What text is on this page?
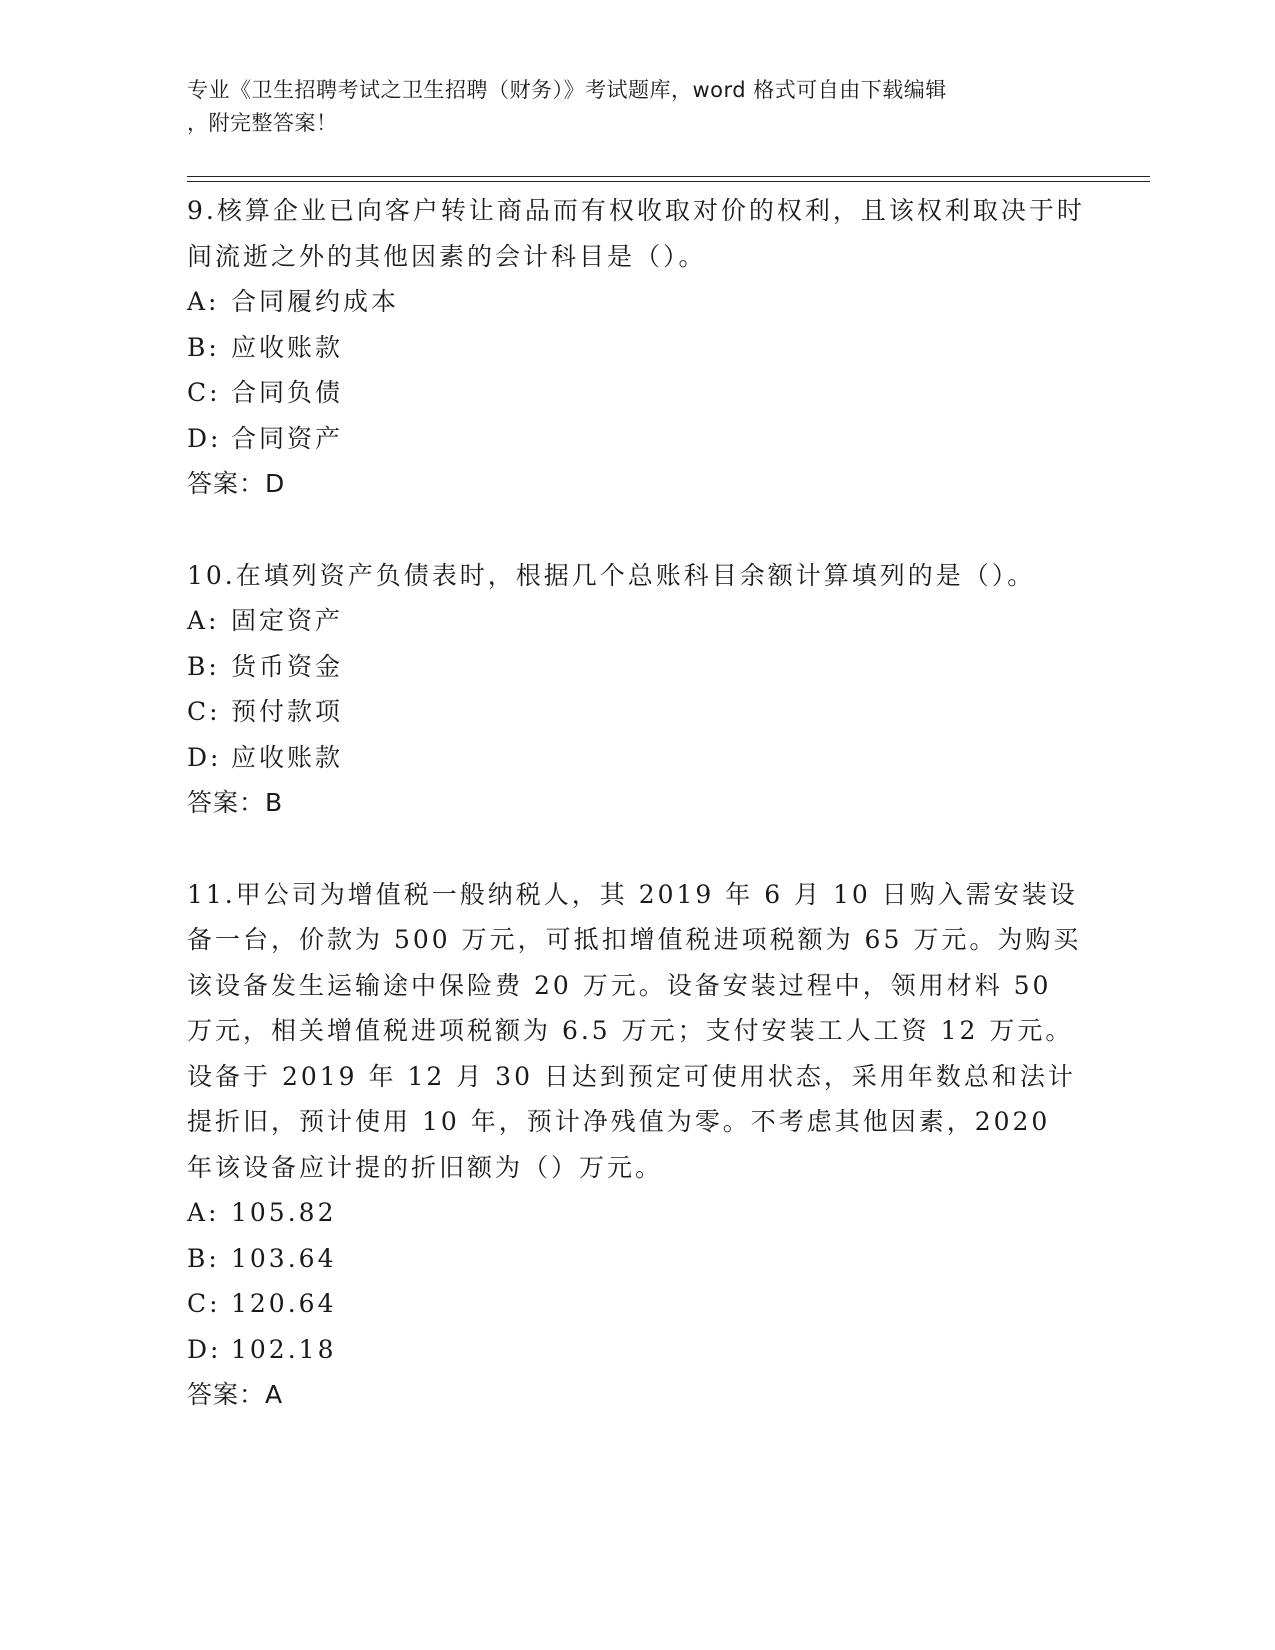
专业《卫生招聘考试之卫生招聘（财务）》考试题库，word 格式可自由下载编辑
，附完整答案！

9.核算企业已向客户转让商品而有权收取对价的权利，且该权利取决于时间流逝之外的其他因素的会计科目是（）。

A: 合同履约成本

B: 应收账款

C: 合同负债

D: 合同资产

答案：D

10.在填列资产负债表时，根据几个总账科目余额计算填列的是（）。

A: 固定资产

B: 货币资金

C: 预付款项

D: 应收账款

答案：B

11.甲公司为增值税一般纳税人，其 2019 年 6 月 10 日购入需安装设备一台，价款为 500 万元，可抵扣增值税进项税额为 65 万元。为购买该设备发生运输途中保险费 20 万元。设备安装过程中，领用材料 50 万元，相关增值税进项税额为 6.5 万元；支付安装工人工资 12 万元。设备于 2019 年 12 月 30 日达到预定可使用状态，采用年数总和法计提折旧，预计使用 10 年，预计净残值为零。不考虑其他因素，2020 年该设备应计提的折旧额为（）万元。

A: 105.82

B: 103.64

C: 120.64

D: 102.18

答案：A
